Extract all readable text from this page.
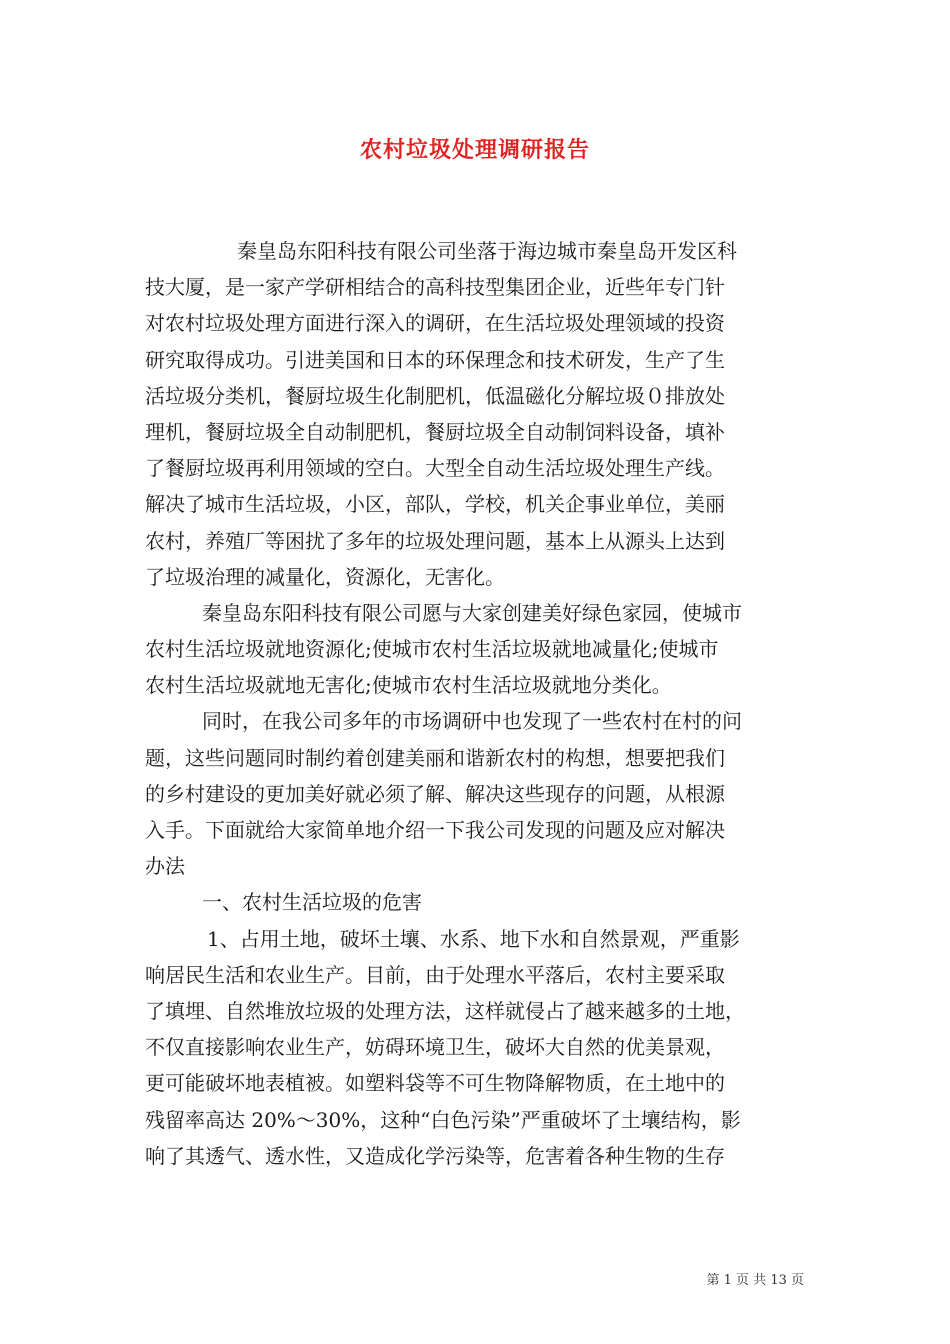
农村垃圾处理调研报告
秦皇岛东阳科技有限公司坐落于海边城市秦皇岛开发区科
技大厦，是一家产学研相结合的高科技型集团企业，近些年专门针
对农村垃圾处理方面进行深入的调研，在生活垃圾处理领域的投资
研究取得成功。引进美国和日本的环保理念和技术研发，生产了生
活垃圾分类机，餐厨垃圾生化制肥机，低温磁化分解垃圾０排放处
理机，餐厨垃圾全自动制肥机，餐厨垃圾全自动制饲料设备，填补
了餐厨垃圾再利用领域的空白。大型全自动生活垃圾处理生产线。
解决了城市生活垃圾，小区，部队，学校，机关企事业单位，美丽
农村，养殖厂等困扰了多年的垃圾处理问题，基本上从源头上达到
了垃圾治理的减量化，资源化，无害化。
秦皇岛东阳科技有限公司愿与大家创建美好绿色家园，使城市
农村生活垃圾就地资源化;使城市农村生活垃圾就地减量化;使城市
农村生活垃圾就地无害化;使城市农村生活垃圾就地分类化。
同时，在我公司多年的市场调研中也发现了一些农村在村的问
题，这些问题同时制约着创建美丽和谐新农村的构想，想要把我们
的乡村建设的更加美好就必须了解、解决这些现存的问题，从根源
入手。下面就给大家简单地介绍一下我公司发现的问题及应对解决
办法
一、农村生活垃圾的危害
1、占用土地，破坏土壤、水系、地下水和自然景观，严重影
响居民生活和农业生产。目前，由于处理水平落后，农村主要采取
了填埋、自然堆放垃圾的处理方法，这样就侵占了越来越多的土地，
不仅直接影响农业生产，妨碍环境卫生，破坏大自然的优美景观，
更可能破坏地表植被。如塑料袋等不可生物降解物质，在土地中的
残留率高达 20%～30%，这种“白色污染”严重破坏了土壤结构，影
响了其透气、透水性，又造成化学污染等，危害着各种生物的生存
第 1 页 共 13 页
